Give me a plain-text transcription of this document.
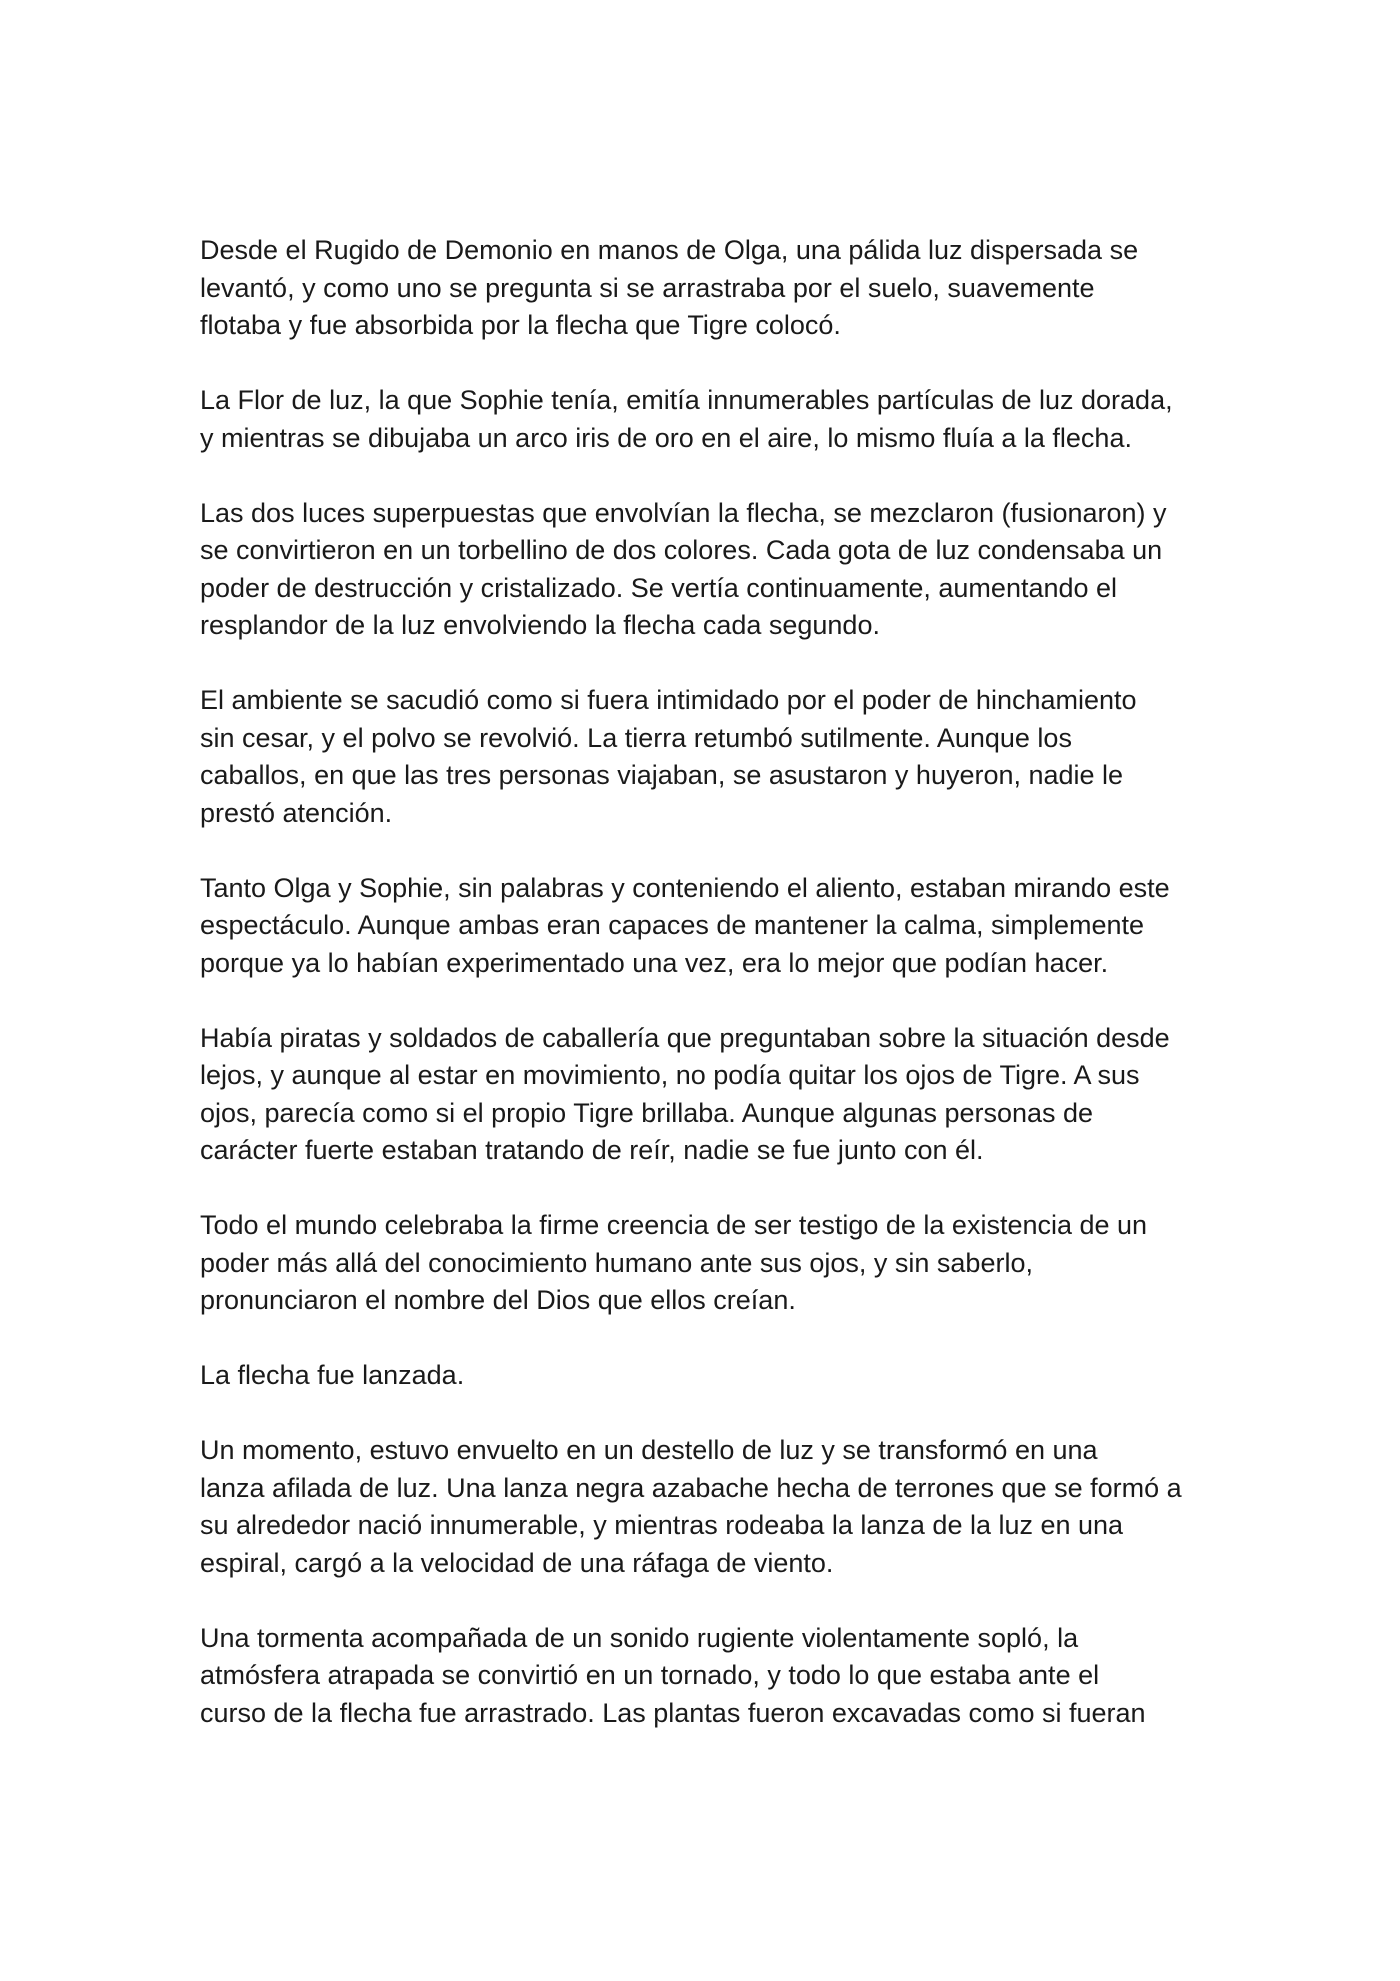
Desde el Rugido de Demonio en manos de Olga, una pálida luz dispersada se
levantó, y como uno se pregunta si se arrastraba por el suelo, suavemente
flotaba y fue absorbida por la flecha que Tigre colocó.

La Flor de luz, la que Sophie tenía, emitía innumerables partículas de luz dorada,
y mientras se dibujaba un arco iris de oro en el aire, lo mismo fluía a la flecha.

Las dos luces superpuestas que envolvían la flecha, se mezclaron (fusionaron) y
se convirtieron en un torbellino de dos colores. Cada gota de luz condensaba un
poder de destrucción y cristalizado. Se vertía continuamente, aumentando el
resplandor de la luz envolviendo la flecha cada segundo.

El ambiente se sacudió como si fuera intimidado por el poder de hinchamiento
sin cesar, y el polvo se revolvió. La tierra retumbó sutilmente. Aunque los
caballos, en que las tres personas viajaban, se asustaron y huyeron, nadie le
prestó atención.

Tanto Olga y Sophie, sin palabras y conteniendo el aliento, estaban mirando este
espectáculo. Aunque ambas eran capaces de mantener la calma, simplemente
porque ya lo habían experimentado una vez, era lo mejor que podían hacer.

Había piratas y soldados de caballería que preguntaban sobre la situación desde
lejos, y aunque al estar en movimiento, no podía quitar los ojos de Tigre. A sus
ojos, parecía como si el propio Tigre brillaba. Aunque algunas personas de
carácter fuerte estaban tratando de reír, nadie se fue junto con él.

Todo el mundo celebraba la firme creencia de ser testigo de la existencia de un
poder más allá del conocimiento humano ante sus ojos, y sin saberlo,
pronunciaron el nombre del Dios que ellos creían.

La flecha fue lanzada.

Un momento, estuvo envuelto en un destello de luz y se transformó en una
lanza afilada de luz. Una lanza negra azabache hecha de terrones que se formó a
su alrededor nació innumerable, y mientras rodeaba la lanza de la luz en una
espiral, cargó a la velocidad de una ráfaga de viento.

Una tormenta acompañada de un sonido rugiente violentamente sopló, la
atmósfera atrapada se convirtió en un tornado, y todo lo que estaba ante el
curso de la flecha fue arrastrado. Las plantas fueron excavadas como si fueran
